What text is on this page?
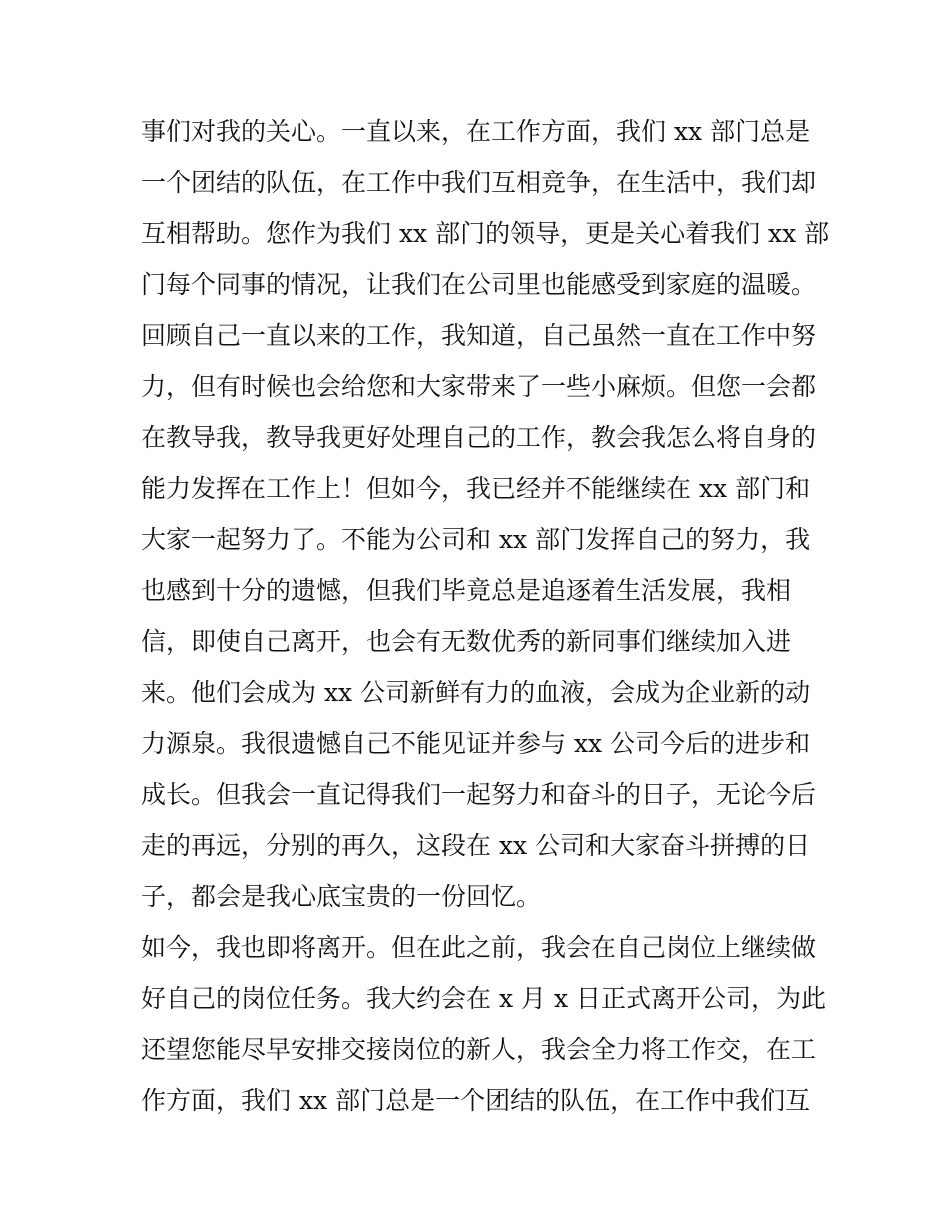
事们对我的关心。一直以来，在工作方面，我们 xx 部门总是
一个团结的队伍，在工作中我们互相竞争，在生活中，我们却
互相帮助。您作为我们 xx 部门的领导，更是关心着我们 xx 部
门每个同事的情况，让我们在公司里也能感受到家庭的温暖。
回顾自己一直以来的工作，我知道，自己虽然一直在工作中努
力，但有时候也会给您和大家带来了一些小麻烦。但您一会都
在教导我，教导我更好处理自己的工作，教会我怎么将自身的
能力发挥在工作上！但如今，我已经并不能继续在 xx 部门和
大家一起努力了。不能为公司和 xx 部门发挥自己的努力，我
也感到十分的遗憾，但我们毕竟总是追逐着生活发展，我相
信，即使自己离开，也会有无数优秀的新同事们继续加入进
来。他们会成为 xx 公司新鲜有力的血液，会成为企业新的动
力源泉。我很遗憾自己不能见证并参与 xx 公司今后的进步和
成长。但我会一直记得我们一起努力和奋斗的日子，无论今后
走的再远，分别的再久，这段在 xx 公司和大家奋斗拼搏的日
子，都会是我心底宝贵的一份回忆。
如今，我也即将离开。但在此之前，我会在自己岗位上继续做
好自己的岗位任务。我大约会在 x 月 x 日正式离开公司，为此
还望您能尽早安排交接岗位的新人，我会全力将工作交，在工
作方面，我们 xx 部门总是一个团结的队伍，在工作中我们互
